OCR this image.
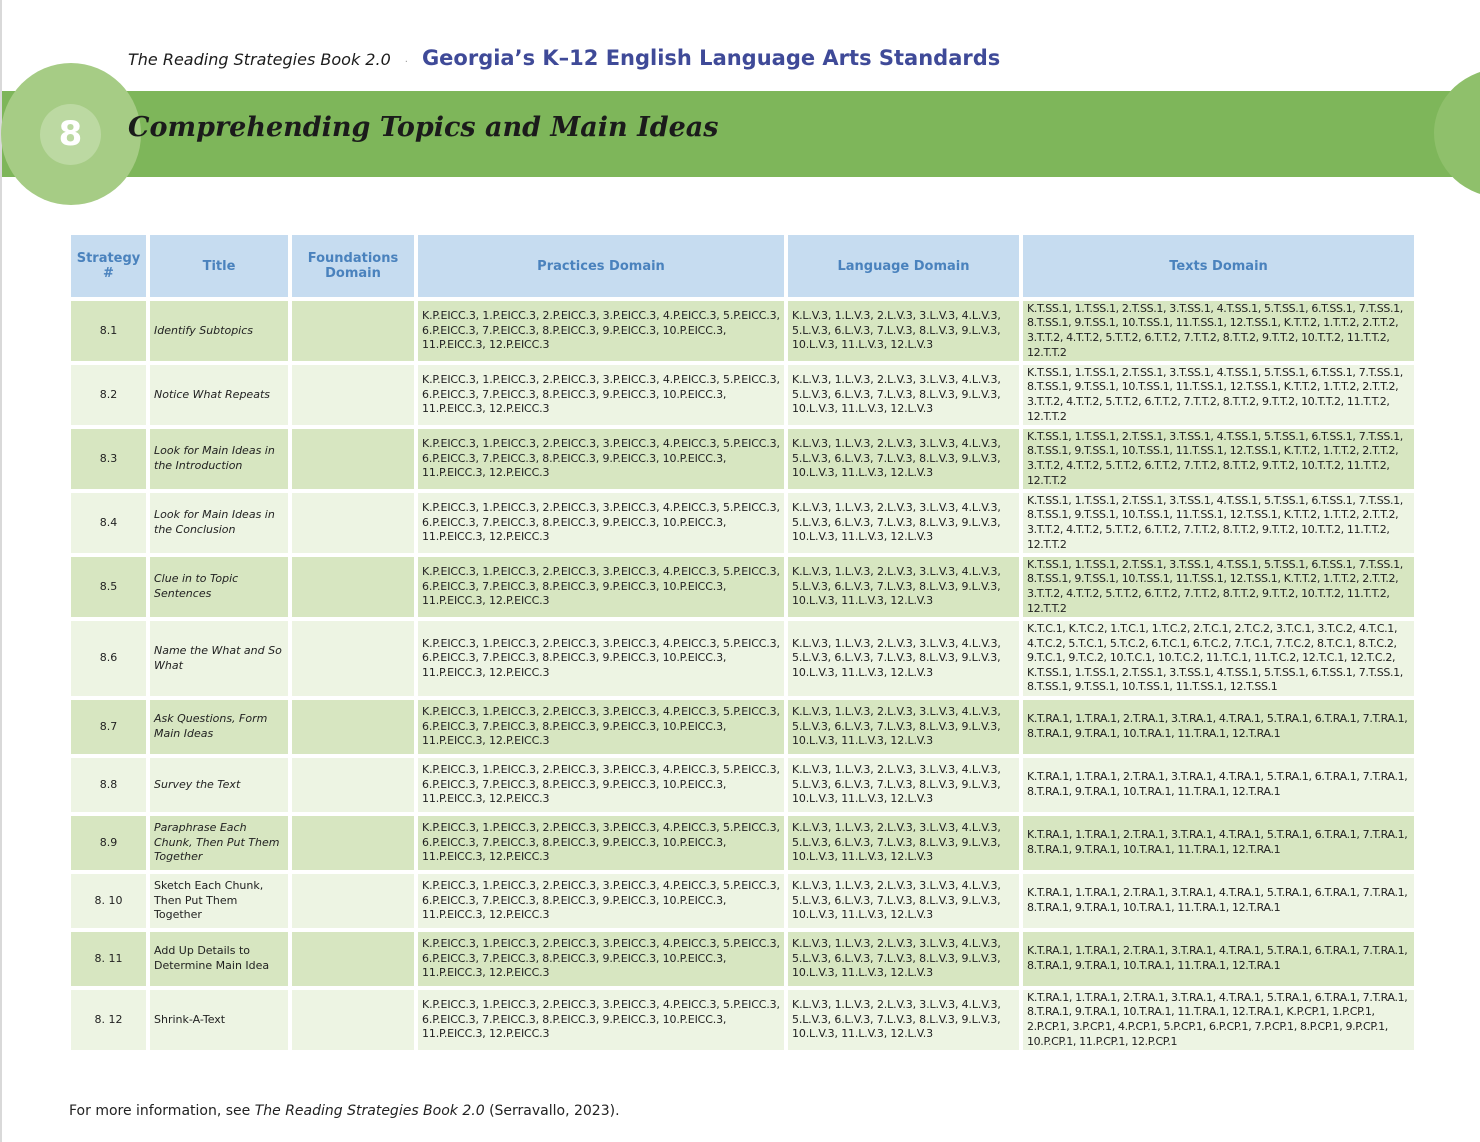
The Reading Strategies Book 2.0 · Georgia’s K–12 English Language Arts Standards
8	Comprehending Topics and Main Ideas
Strategy #	Title	Foundations Domain	Practices Domain	Language Domain	Texts Domain
8.1	Identify Subtopics		K.P.EICC.3, 1.P.EICC.3, 2.P.EICC.3, 3.P.EICC.3, 4.P.EICC.3, 5.P.EICC.3, 6.P.EICC.3, 7.P.EICC.3, 8.P.EICC.3, 9.P.EICC.3, 10.P.EICC.3, 11.P.EICC.3, 12.P.EICC.3	K.L.V.3, 1.L.V.3, 2.L.V.3, 3.L.V.3, 4.L.V.3, 5.L.V.3, 6.L.V.3, 7.L.V.3, 8.L.V.3, 9.L.V.3, 10.L.V.3, 11.L.V.3, 12.L.V.3	K.T.SS.1, 1.T.SS.1, 2.T.SS.1, 3.T.SS.1, 4.T.SS.1, 5.T.SS.1, 6.T.SS.1, 7.T.SS.1, 8.T.SS.1, 9.T.SS.1, 10.T.SS.1, 11.T.SS.1, 12.T.SS.1, K.T.T.2, 1.T.T.2, 2.T.T.2, 3.T.T.2, 4.T.T.2, 5.T.T.2, 6.T.T.2, 7.T.T.2, 8.T.T.2, 9.T.T.2, 10.T.T.2, 11.T.T.2, 12.T.T.2
8.2	Notice What Repeats		K.P.EICC.3, 1.P.EICC.3, 2.P.EICC.3, 3.P.EICC.3, 4.P.EICC.3, 5.P.EICC.3, 6.P.EICC.3, 7.P.EICC.3, 8.P.EICC.3, 9.P.EICC.3, 10.P.EICC.3, 11.P.EICC.3, 12.P.EICC.3	K.L.V.3, 1.L.V.3, 2.L.V.3, 3.L.V.3, 4.L.V.3, 5.L.V.3, 6.L.V.3, 7.L.V.3, 8.L.V.3, 9.L.V.3, 10.L.V.3, 11.L.V.3, 12.L.V.3	K.T.SS.1, 1.T.SS.1, 2.T.SS.1, 3.T.SS.1, 4.T.SS.1, 5.T.SS.1, 6.T.SS.1, 7.T.SS.1, 8.T.SS.1, 9.T.SS.1, 10.T.SS.1, 11.T.SS.1, 12.T.SS.1, K.T.T.2, 1.T.T.2, 2.T.T.2, 3.T.T.2, 4.T.T.2, 5.T.T.2, 6.T.T.2, 7.T.T.2, 8.T.T.2, 9.T.T.2, 10.T.T.2, 11.T.T.2, 12.T.T.2
8.3	Look for Main Ideas in the Introduction		K.P.EICC.3, 1.P.EICC.3, 2.P.EICC.3, 3.P.EICC.3, 4.P.EICC.3, 5.P.EICC.3, 6.P.EICC.3, 7.P.EICC.3, 8.P.EICC.3, 9.P.EICC.3, 10.P.EICC.3, 11.P.EICC.3, 12.P.EICC.3	K.L.V.3, 1.L.V.3, 2.L.V.3, 3.L.V.3, 4.L.V.3, 5.L.V.3, 6.L.V.3, 7.L.V.3, 8.L.V.3, 9.L.V.3, 10.L.V.3, 11.L.V.3, 12.L.V.3	K.T.SS.1, 1.T.SS.1, 2.T.SS.1, 3.T.SS.1, 4.T.SS.1, 5.T.SS.1, 6.T.SS.1, 7.T.SS.1, 8.T.SS.1, 9.T.SS.1, 10.T.SS.1, 11.T.SS.1, 12.T.SS.1, K.T.T.2, 1.T.T.2, 2.T.T.2, 3.T.T.2, 4.T.T.2, 5.T.T.2, 6.T.T.2, 7.T.T.2, 8.T.T.2, 9.T.T.2, 10.T.T.2, 11.T.T.2, 12.T.T.2
8.4	Look for Main Ideas in the Conclusion		K.P.EICC.3, 1.P.EICC.3, 2.P.EICC.3, 3.P.EICC.3, 4.P.EICC.3, 5.P.EICC.3, 6.P.EICC.3, 7.P.EICC.3, 8.P.EICC.3, 9.P.EICC.3, 10.P.EICC.3, 11.P.EICC.3, 12.P.EICC.3	K.L.V.3, 1.L.V.3, 2.L.V.3, 3.L.V.3, 4.L.V.3, 5.L.V.3, 6.L.V.3, 7.L.V.3, 8.L.V.3, 9.L.V.3, 10.L.V.3, 11.L.V.3, 12.L.V.3	K.T.SS.1, 1.T.SS.1, 2.T.SS.1, 3.T.SS.1, 4.T.SS.1, 5.T.SS.1, 6.T.SS.1, 7.T.SS.1, 8.T.SS.1, 9.T.SS.1, 10.T.SS.1, 11.T.SS.1, 12.T.SS.1, K.T.T.2, 1.T.T.2, 2.T.T.2, 3.T.T.2, 4.T.T.2, 5.T.T.2, 6.T.T.2, 7.T.T.2, 8.T.T.2, 9.T.T.2, 10.T.T.2, 11.T.T.2, 12.T.T.2
8.5	Clue in to Topic Sentences		K.P.EICC.3, 1.P.EICC.3, 2.P.EICC.3, 3.P.EICC.3, 4.P.EICC.3, 5.P.EICC.3, 6.P.EICC.3, 7.P.EICC.3, 8.P.EICC.3, 9.P.EICC.3, 10.P.EICC.3, 11.P.EICC.3, 12.P.EICC.3	K.L.V.3, 1.L.V.3, 2.L.V.3, 3.L.V.3, 4.L.V.3, 5.L.V.3, 6.L.V.3, 7.L.V.3, 8.L.V.3, 9.L.V.3, 10.L.V.3, 11.L.V.3, 12.L.V.3	K.T.SS.1, 1.T.SS.1, 2.T.SS.1, 3.T.SS.1, 4.T.SS.1, 5.T.SS.1, 6.T.SS.1, 7.T.SS.1, 8.T.SS.1, 9.T.SS.1, 10.T.SS.1, 11.T.SS.1, 12.T.SS.1, K.T.T.2, 1.T.T.2, 2.T.T.2, 3.T.T.2, 4.T.T.2, 5.T.T.2, 6.T.T.2, 7.T.T.2, 8.T.T.2, 9.T.T.2, 10.T.T.2, 11.T.T.2, 12.T.T.2
8.6	Name the What and So What		K.P.EICC.3, 1.P.EICC.3, 2.P.EICC.3, 3.P.EICC.3, 4.P.EICC.3, 5.P.EICC.3, 6.P.EICC.3, 7.P.EICC.3, 8.P.EICC.3, 9.P.EICC.3, 10.P.EICC.3, 11.P.EICC.3, 12.P.EICC.3	K.L.V.3, 1.L.V.3, 2.L.V.3, 3.L.V.3, 4.L.V.3, 5.L.V.3, 6.L.V.3, 7.L.V.3, 8.L.V.3, 9.L.V.3, 10.L.V.3, 11.L.V.3, 12.L.V.3	K.T.C.1, K.T.C.2, 1.T.C.1, 1.T.C.2, 2.T.C.1, 2.T.C.2, 3.T.C.1, 3.T.C.2, 4.T.C.1, 4.T.C.2, 5.T.C.1, 5.T.C.2, 6.T.C.1, 6.T.C.2, 7.T.C.1, 7.T.C.2, 8.T.C.1, 8.T.C.2, 9.T.C.1, 9.T.C.2, 10.T.C.1, 10.T.C.2, 11.T.C.1, 11.T.C.2, 12.T.C.1, 12.T.C.2, K.T.SS.1, 1.T.SS.1, 2.T.SS.1, 3.T.SS.1, 4.T.SS.1, 5.T.SS.1, 6.T.SS.1, 7.T.SS.1, 8.T.SS.1, 9.T.SS.1, 10.T.SS.1, 11.T.SS.1, 12.T.SS.1
8.7	Ask Questions, Form Main Ideas		K.P.EICC.3, 1.P.EICC.3, 2.P.EICC.3, 3.P.EICC.3, 4.P.EICC.3, 5.P.EICC.3, 6.P.EICC.3, 7.P.EICC.3, 8.P.EICC.3, 9.P.EICC.3, 10.P.EICC.3, 11.P.EICC.3, 12.P.EICC.3	K.L.V.3, 1.L.V.3, 2.L.V.3, 3.L.V.3, 4.L.V.3, 5.L.V.3, 6.L.V.3, 7.L.V.3, 8.L.V.3, 9.L.V.3, 10.L.V.3, 11.L.V.3, 12.L.V.3	K.T.RA.1, 1.T.RA.1, 2.T.RA.1, 3.T.RA.1, 4.T.RA.1, 5.T.RA.1, 6.T.RA.1, 7.T.RA.1, 8.T.RA.1, 9.T.RA.1, 10.T.RA.1, 11.T.RA.1, 12.T.RA.1
8.8	Survey the Text		K.P.EICC.3, 1.P.EICC.3, 2.P.EICC.3, 3.P.EICC.3, 4.P.EICC.3, 5.P.EICC.3, 6.P.EICC.3, 7.P.EICC.3, 8.P.EICC.3, 9.P.EICC.3, 10.P.EICC.3, 11.P.EICC.3, 12.P.EICC.3	K.L.V.3, 1.L.V.3, 2.L.V.3, 3.L.V.3, 4.L.V.3, 5.L.V.3, 6.L.V.3, 7.L.V.3, 8.L.V.3, 9.L.V.3, 10.L.V.3, 11.L.V.3, 12.L.V.3	K.T.RA.1, 1.T.RA.1, 2.T.RA.1, 3.T.RA.1, 4.T.RA.1, 5.T.RA.1, 6.T.RA.1, 7.T.RA.1, 8.T.RA.1, 9.T.RA.1, 10.T.RA.1, 11.T.RA.1, 12.T.RA.1
8.9	Paraphrase Each Chunk, Then Put Them Together		K.P.EICC.3, 1.P.EICC.3, 2.P.EICC.3, 3.P.EICC.3, 4.P.EICC.3, 5.P.EICC.3, 6.P.EICC.3, 7.P.EICC.3, 8.P.EICC.3, 9.P.EICC.3, 10.P.EICC.3, 11.P.EICC.3, 12.P.EICC.3	K.L.V.3, 1.L.V.3, 2.L.V.3, 3.L.V.3, 4.L.V.3, 5.L.V.3, 6.L.V.3, 7.L.V.3, 8.L.V.3, 9.L.V.3, 10.L.V.3, 11.L.V.3, 12.L.V.3	K.T.RA.1, 1.T.RA.1, 2.T.RA.1, 3.T.RA.1, 4.T.RA.1, 5.T.RA.1, 6.T.RA.1, 7.T.RA.1, 8.T.RA.1, 9.T.RA.1, 10.T.RA.1, 11.T.RA.1, 12.T.RA.1
8. 10	Sketch Each Chunk, Then Put Them Together		K.P.EICC.3, 1.P.EICC.3, 2.P.EICC.3, 3.P.EICC.3, 4.P.EICC.3, 5.P.EICC.3, 6.P.EICC.3, 7.P.EICC.3, 8.P.EICC.3, 9.P.EICC.3, 10.P.EICC.3, 11.P.EICC.3, 12.P.EICC.3	K.L.V.3, 1.L.V.3, 2.L.V.3, 3.L.V.3, 4.L.V.3, 5.L.V.3, 6.L.V.3, 7.L.V.3, 8.L.V.3, 9.L.V.3, 10.L.V.3, 11.L.V.3, 12.L.V.3	K.T.RA.1, 1.T.RA.1, 2.T.RA.1, 3.T.RA.1, 4.T.RA.1, 5.T.RA.1, 6.T.RA.1, 7.T.RA.1, 8.T.RA.1, 9.T.RA.1, 10.T.RA.1, 11.T.RA.1, 12.T.RA.1
8. 11	Add Up Details to Determine Main Idea		K.P.EICC.3, 1.P.EICC.3, 2.P.EICC.3, 3.P.EICC.3, 4.P.EICC.3, 5.P.EICC.3, 6.P.EICC.3, 7.P.EICC.3, 8.P.EICC.3, 9.P.EICC.3, 10.P.EICC.3, 11.P.EICC.3, 12.P.EICC.3	K.L.V.3, 1.L.V.3, 2.L.V.3, 3.L.V.3, 4.L.V.3, 5.L.V.3, 6.L.V.3, 7.L.V.3, 8.L.V.3, 9.L.V.3, 10.L.V.3, 11.L.V.3, 12.L.V.3	K.T.RA.1, 1.T.RA.1, 2.T.RA.1, 3.T.RA.1, 4.T.RA.1, 5.T.RA.1, 6.T.RA.1, 7.T.RA.1, 8.T.RA.1, 9.T.RA.1, 10.T.RA.1, 11.T.RA.1, 12.T.RA.1
8. 12	Shrink-A-Text		K.P.EICC.3, 1.P.EICC.3, 2.P.EICC.3, 3.P.EICC.3, 4.P.EICC.3, 5.P.EICC.3, 6.P.EICC.3, 7.P.EICC.3, 8.P.EICC.3, 9.P.EICC.3, 10.P.EICC.3, 11.P.EICC.3, 12.P.EICC.3	K.L.V.3, 1.L.V.3, 2.L.V.3, 3.L.V.3, 4.L.V.3, 5.L.V.3, 6.L.V.3, 7.L.V.3, 8.L.V.3, 9.L.V.3, 10.L.V.3, 11.L.V.3, 12.L.V.3	K.T.RA.1, 1.T.RA.1, 2.T.RA.1, 3.T.RA.1, 4.T.RA.1, 5.T.RA.1, 6.T.RA.1, 7.T.RA.1, 8.T.RA.1, 9.T.RA.1, 10.T.RA.1, 11.T.RA.1, 12.T.RA.1, K.P.CP.1, 1.P.CP.1, 2.P.CP.1, 3.P.CP.1, 4.P.CP.1, 5.P.CP.1, 6.P.CP.1, 7.P.CP.1, 8.P.CP.1, 9.P.CP.1, 10.P.CP.1, 11.P.CP.1, 12.P.CP.1
For more information, see The Reading Strategies Book 2.0 (Serravallo, 2023).
